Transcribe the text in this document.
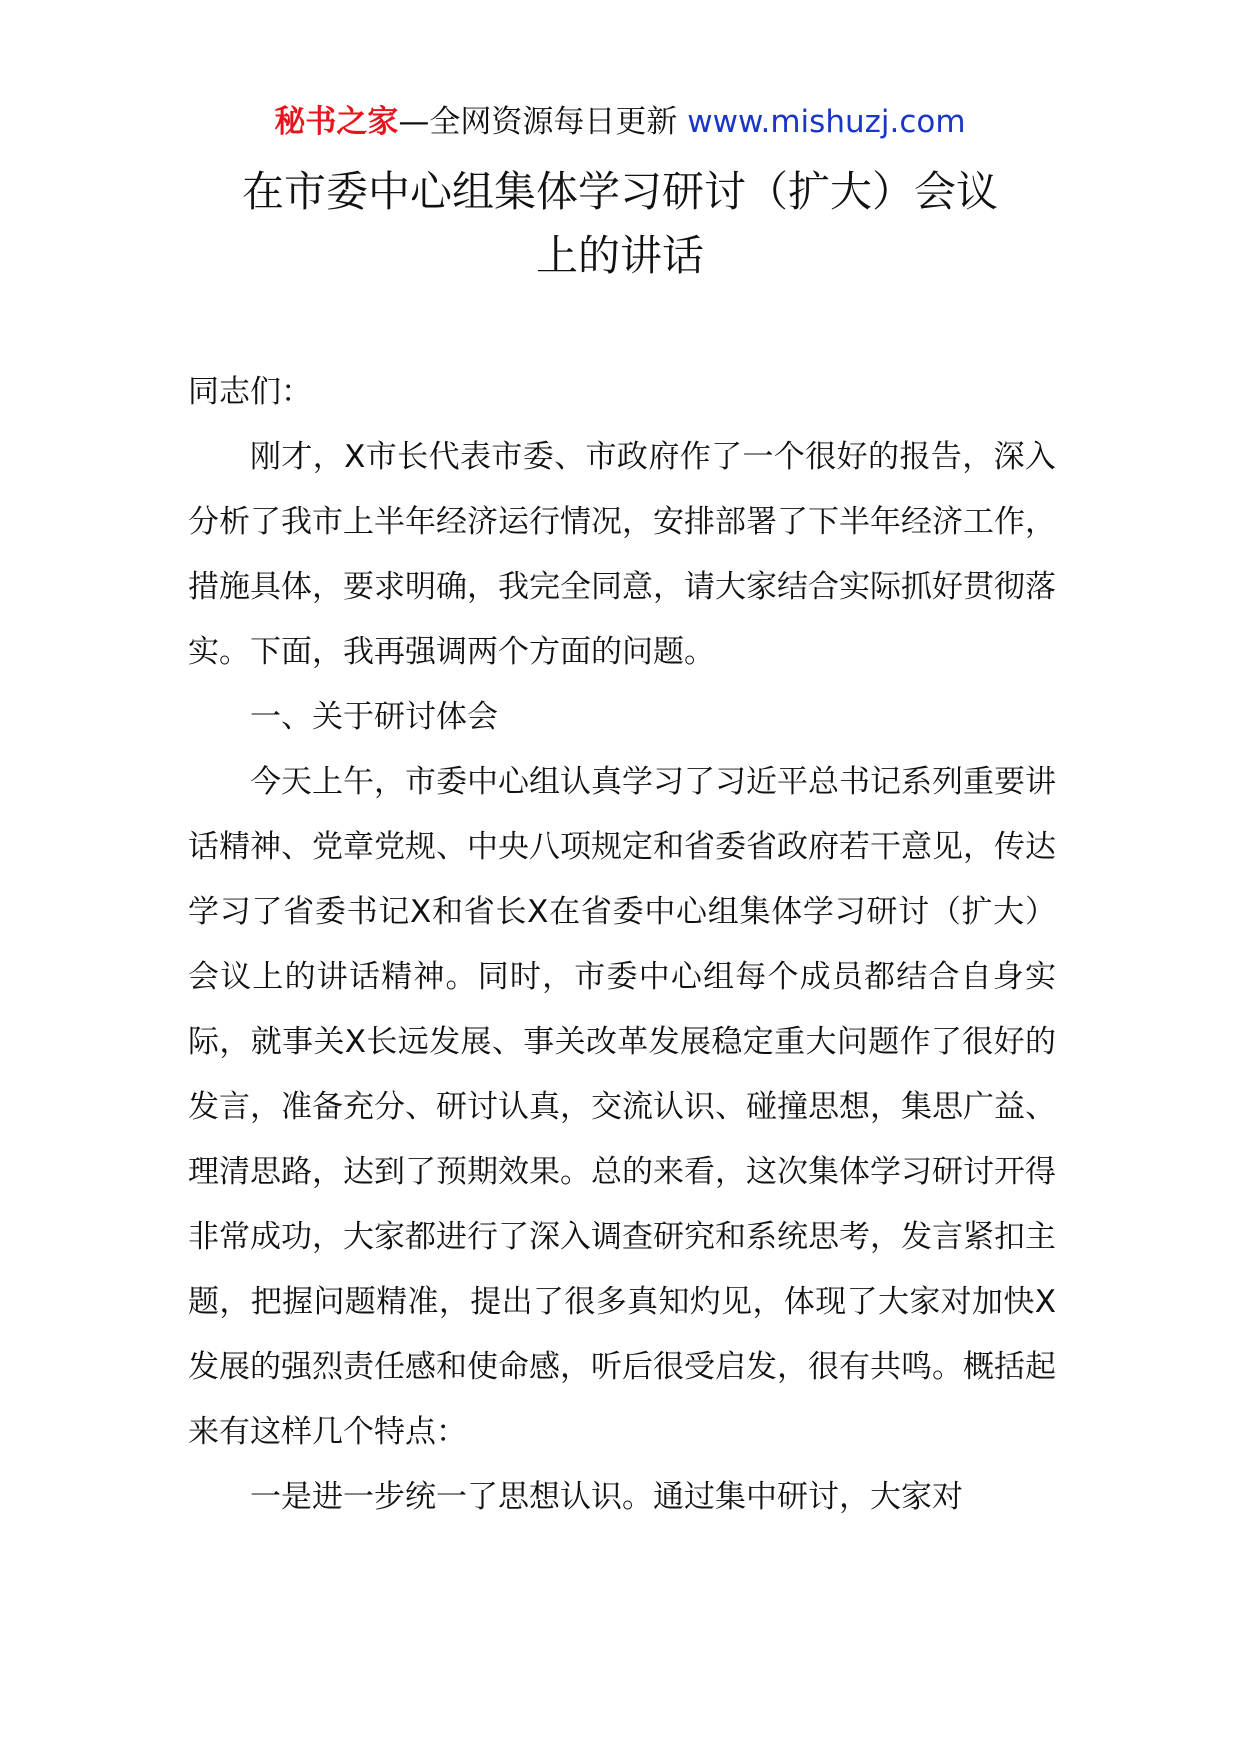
秘书之家—全网资源每日更新 www.mishuzj.com
在市委中心组集体学习研讨（扩大）会议
上的讲话

同志们：

刚才，X市长代表市委、市政府作了一个很好的报告，深入分析了我市上半年经济运行情况，安排部署了下半年经济工作，措施具体，要求明确，我完全同意，请大家结合实际抓好贯彻落实。下面，我再强调两个方面的问题。

一、关于研讨体会

今天上午，市委中心组认真学习了习近平总书记系列重要讲话精神、党章党规、中央八项规定和省委省政府若干意见，传达学习了省委书记X和省长X在省委中心组集体学习研讨（扩大）会议上的讲话精神。同时，市委中心组每个成员都结合自身实际，就事关X长远发展、事关改革发展稳定重大问题作了很好的发言，准备充分、研讨认真，交流认识、碰撞思想，集思广益、理清思路，达到了预期效果。总的来看，这次集体学习研讨开得非常成功，大家都进行了深入调查研究和系统思考，发言紧扣主题，把握问题精准，提出了很多真知灼见，体现了大家对加快X发展的强烈责任感和使命感，听后很受启发，很有共鸣。概括起来有这样几个特点：

一是进一步统一了思想认识。通过集中研讨，大家对
